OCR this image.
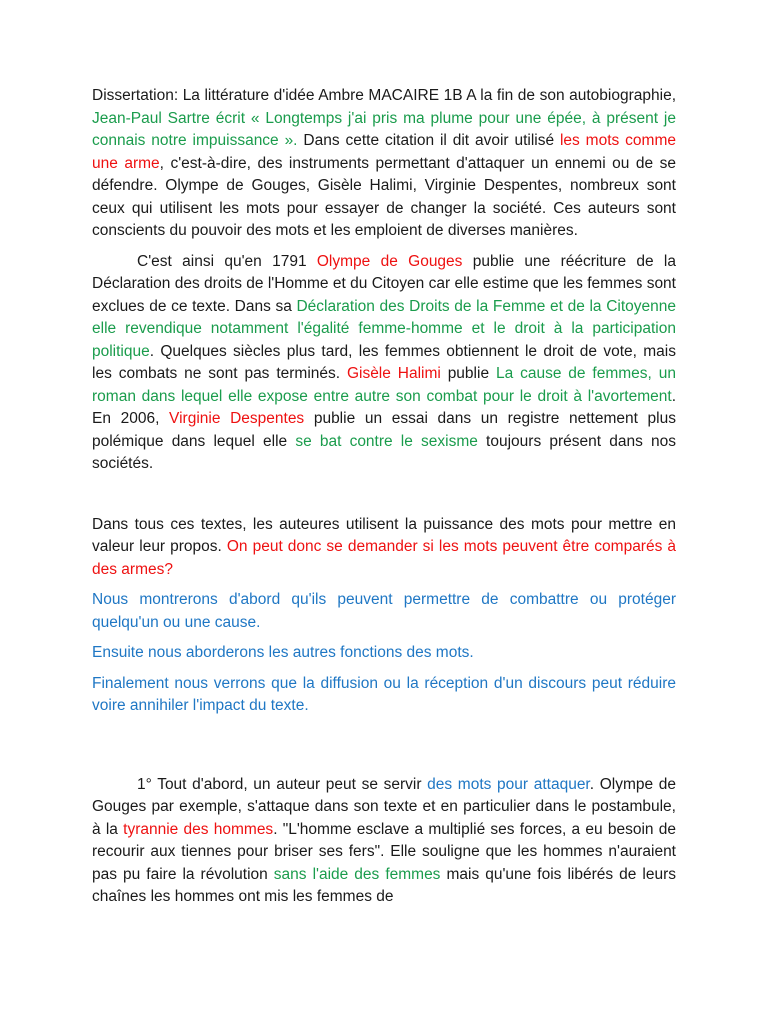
Dissertation: La littérature d'idée Ambre MACAIRE 1B A la fin de son autobiographie, Jean-Paul Sartre écrit « Longtemps j'ai pris ma plume pour une épée, à présent je connais notre impuissance ». Dans cette citation il dit avoir utilisé les mots comme une arme, c'est-à-dire, des instruments permettant d'attaquer un ennemi ou de se défendre. Olympe de Gouges, Gisèle Halimi, Virginie Despentes, nombreux sont ceux qui utilisent les mots pour essayer de changer la société. Ces auteurs sont conscients du pouvoir des mots et les emploient de diverses manières.

C'est ainsi qu'en 1791 Olympe de Gouges publie une réécriture de la Déclaration des droits de l'Homme et du Citoyen car elle estime que les femmes sont exclues de ce texte. Dans sa Déclaration des Droits de la Femme et de la Citoyenne elle revendique notamment l'égalité femme-homme et le droit à la participation politique. Quelques siècles plus tard, les femmes obtiennent le droit de vote, mais les combats ne sont pas terminés. Gisèle Halimi publie La cause de femmes, un roman dans lequel elle expose entre autre son combat pour le droit à l'avortement. En 2006, Virginie Despentes publie un essai dans un registre nettement plus polémique dans lequel elle se bat contre le sexisme toujours présent dans nos sociétés.

Dans tous ces textes, les auteures utilisent la puissance des mots pour mettre en valeur leur propos. On peut donc se demander si les mots peuvent être comparés à des armes?

Nous montrerons d'abord qu'ils peuvent permettre de combattre ou protéger quelqu'un ou une cause.

Ensuite nous aborderons les autres fonctions des mots.

Finalement nous verrons que la diffusion ou la réception d'un discours peut réduire voire annihiler l'impact du texte.

1° Tout d'abord, un auteur peut se servir des mots pour attaquer. Olympe de Gouges par exemple, s'attaque dans son texte et en particulier dans le postambule, à la tyrannie des hommes. "L'homme esclave a multiplié ses forces, a eu besoin de recourir aux tiennes pour briser ses fers". Elle souligne que les hommes n'auraient pas pu faire la révolution sans l'aide des femmes mais qu'une fois libérés de leurs chaînes les hommes ont mis les femmes de
